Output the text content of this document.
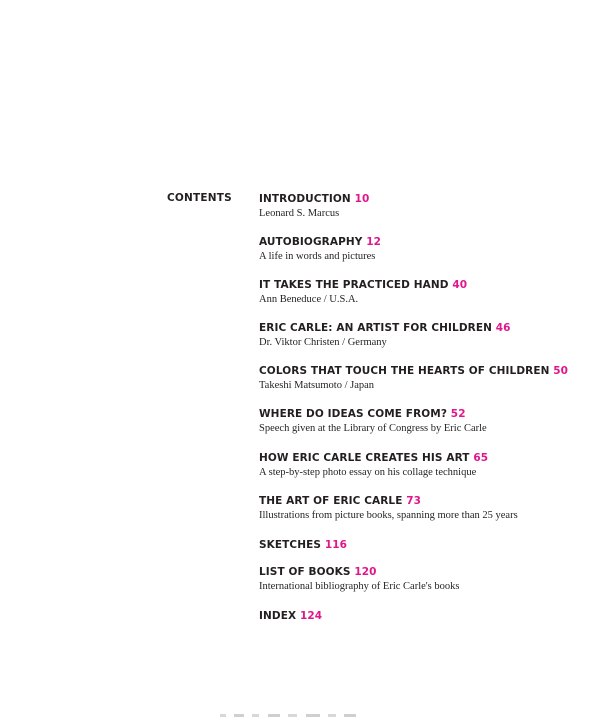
CONTENTS	INTRODUCTION 10
Leonard S. Marcus
AUTOBIOGRAPHY 12
A life in words and pictures
IT TAKES THE PRACTICED HAND 40
Ann Beneduce / U.S.A.
ERIC CARLE: AN ARTIST FOR CHILDREN 46
Dr. Viktor Christen / Germany
COLORS THAT TOUCH THE HEARTS OF CHILDREN 50
Takeshi Matsumoto / Japan
WHERE DO IDEAS COME FROM? 52
Speech given at the Library of Congress by Eric Carle
HOW ERIC CARLE CREATES HIS ART 65
A step-by-step photo essay on his collage technique
THE ART OF ERIC CARLE 73
Illustrations from picture books, spanning more than 25 years
SKETCHES 116
LIST OF BOOKS 120
International bibliography of Eric Carle's books
INDEX 124
